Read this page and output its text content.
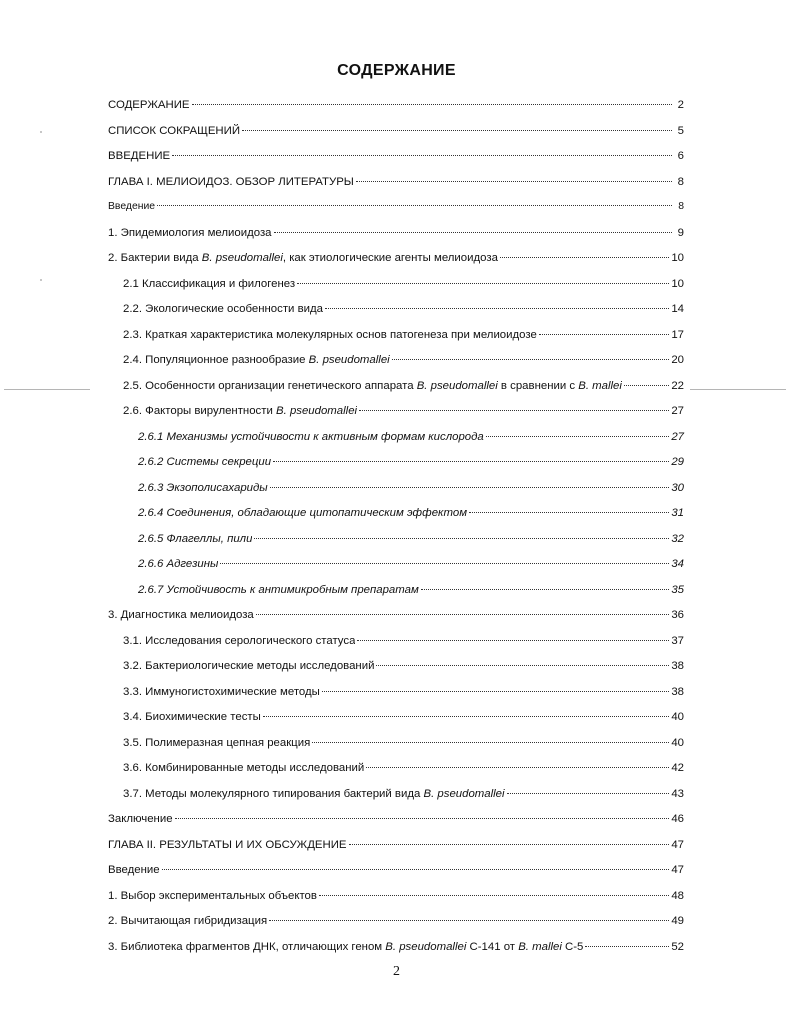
СОДЕРЖАНИЕ
СОДЕРЖАНИЕ	2
СПИСОК СОКРАЩЕНИЙ	5
ВВЕДЕНИЕ	6
ГЛАВА I. МЕЛИОИДОЗ. ОБЗОР ЛИТЕРАТУРЫ	8
Введение	8
1. Эпидемиология мелиоидоза	9
2. Бактерии вида B. pseudomallei, как этиологические агенты мелиоидоза	10
2.1 Классификация и филогенез	10
2.2. Экологические особенности вида	14
2.3. Краткая характеристика молекулярных основ патогенеза при мелиоидозе	17
2.4. Популяционное разнообразие B. pseudomallei	20
2.5. Особенности организации генетического аппарата B. pseudomallei в сравнении с B. mallei	22
2.6. Факторы вирулентности B. pseudomallei	27
2.6.1 Механизмы устойчивости к активным формам кислорода	27
2.6.2 Системы секреции	29
2.6.3 Экзополисахариды	30
2.6.4 Соединения, обладающие цитопатическим эффектом	31
2.6.5 Флагеллы, пили	32
2.6.6 Адгезины	34
2.6.7 Устойчивость к антимикробным препаратам	35
3. Диагностика мелиоидоза	36
3.1. Исследования серологического статуса	37
3.2. Бактериологические методы исследований	38
3.3. Иммуногистохимические методы	38
3.4. Биохимические тесты	40
3.5. Полимеразная цепная реакция	40
3.6. Комбинированные методы исследований	42
3.7. Методы молекулярного типирования бактерий вида B. pseudomallei	43
Заключение	46
ГЛАВА II. РЕЗУЛЬТАТЫ И ИХ ОБСУЖДЕНИЕ	47
Введение	47
1. Выбор экспериментальных объектов	48
2. Вычитающая гибридизация	49
3. Библиотека фрагментов ДНК, отличающих геном B. pseudomallei С-141 от B. mallei С-5	52
2
